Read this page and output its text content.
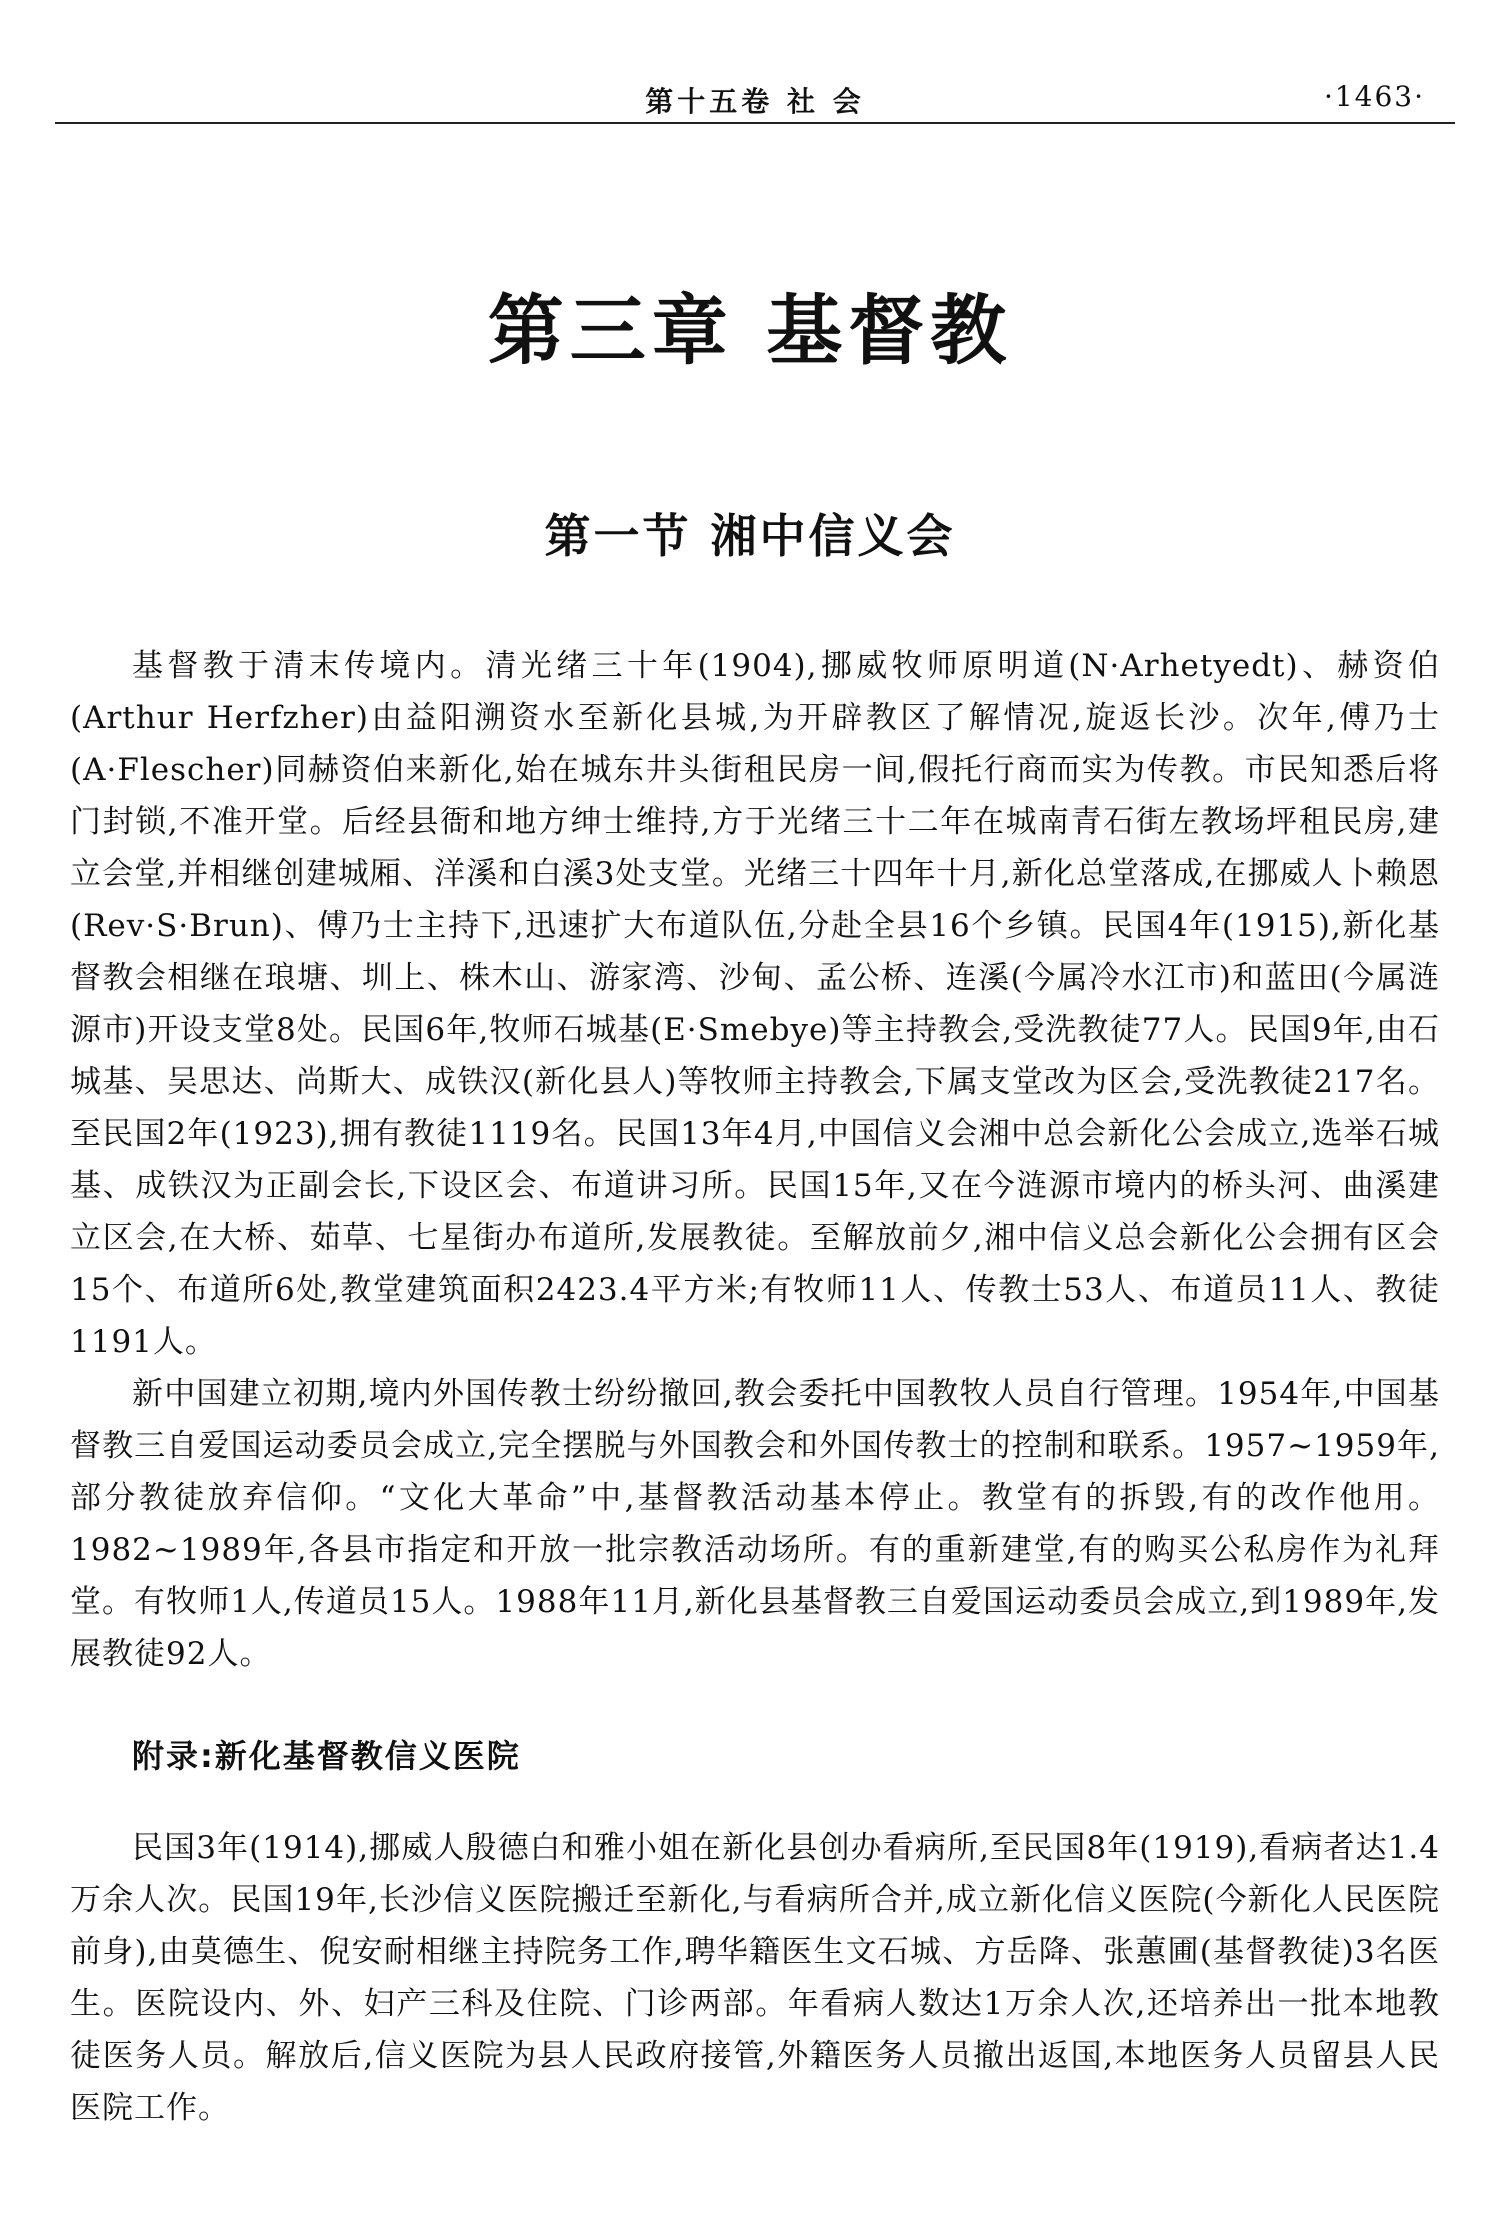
第十五卷 社 会	·1463·
第三章 基督教
第一节 湘中信义会

基督教于清末传境内。清光绪三十年(1904),挪威牧师原明道(N·Arhetyedt)、赫资伯(Arthur Herfzher)由益阳溯资水至新化县城,为开辟教区了解情况,旋返长沙。次年,傅乃士(A·Flescher)同赫资伯来新化,始在城东井头街租民房一间,假托行商而实为传教。市民知悉后将门封锁,不准开堂。后经县衙和地方绅士维持,方于光绪三十二年在城南青石街左教场坪租民房,建立会堂,并相继创建城厢、洋溪和白溪3处支堂。光绪三十四年十月,新化总堂落成,在挪威人卜赖恩(Rev·S·Brun)、傅乃士主持下,迅速扩大布道队伍,分赴全县16个乡镇。民国4年(1915),新化基督教会相继在琅塘、圳上、株木山、游家湾、沙甸、孟公桥、连溪(今属冷水江市)和蓝田(今属涟源市)开设支堂8处。民国6年,牧师石城基(E·Smebye)等主持教会,受洗教徒77人。民国9年,由石城基、吴思达、尚斯大、成铁汉(新化县人)等牧师主持教会,下属支堂改为区会,受洗教徒217名。至民国2年(1923),拥有教徒1119名。民国13年4月,中国信义会湘中总会新化公会成立,选举石城基、成铁汉为正副会长,下设区会、布道讲习所。民国15年,又在今涟源市境内的桥头河、曲溪建立区会,在大桥、茹草、七星街办布道所,发展教徒。至解放前夕,湘中信义总会新化公会拥有区会15个、布道所6处,教堂建筑面积2423.4平方米;有牧师11人、传教士53人、布道员11人、教徒1191人。

新中国建立初期,境内外国传教士纷纷撤回,教会委托中国教牧人员自行管理。1954年,中国基督教三自爱国运动委员会成立,完全摆脱与外国教会和外国传教士的控制和联系。1957~1959年,部分教徒放弃信仰。“文化大革命”中,基督教活动基本停止。教堂有的拆毁,有的改作他用。1982~1989年,各县市指定和开放一批宗教活动场所。有的重新建堂,有的购买公私房作为礼拜堂。有牧师1人,传道员15人。1988年11月,新化县基督教三自爱国运动委员会成立,到1989年,发展教徒92人。

附录:新化基督教信义医院

民国3年(1914),挪威人殷德白和雅小姐在新化县创办看病所,至民国8年(1919),看病者达1.4万余人次。民国19年,长沙信义医院搬迁至新化,与看病所合并,成立新化信义医院(今新化人民医院前身),由莫德生、倪安耐相继主持院务工作,聘华籍医生文石城、方岳降、张蕙圃(基督教徒)3名医生。医院设内、外、妇产三科及住院、门诊两部。年看病人数达1万余人次,还培养出一批本地教徒医务人员。解放后,信义医院为县人民政府接管,外籍医务人员撤出返国,本地医务人员留县人民医院工作。
